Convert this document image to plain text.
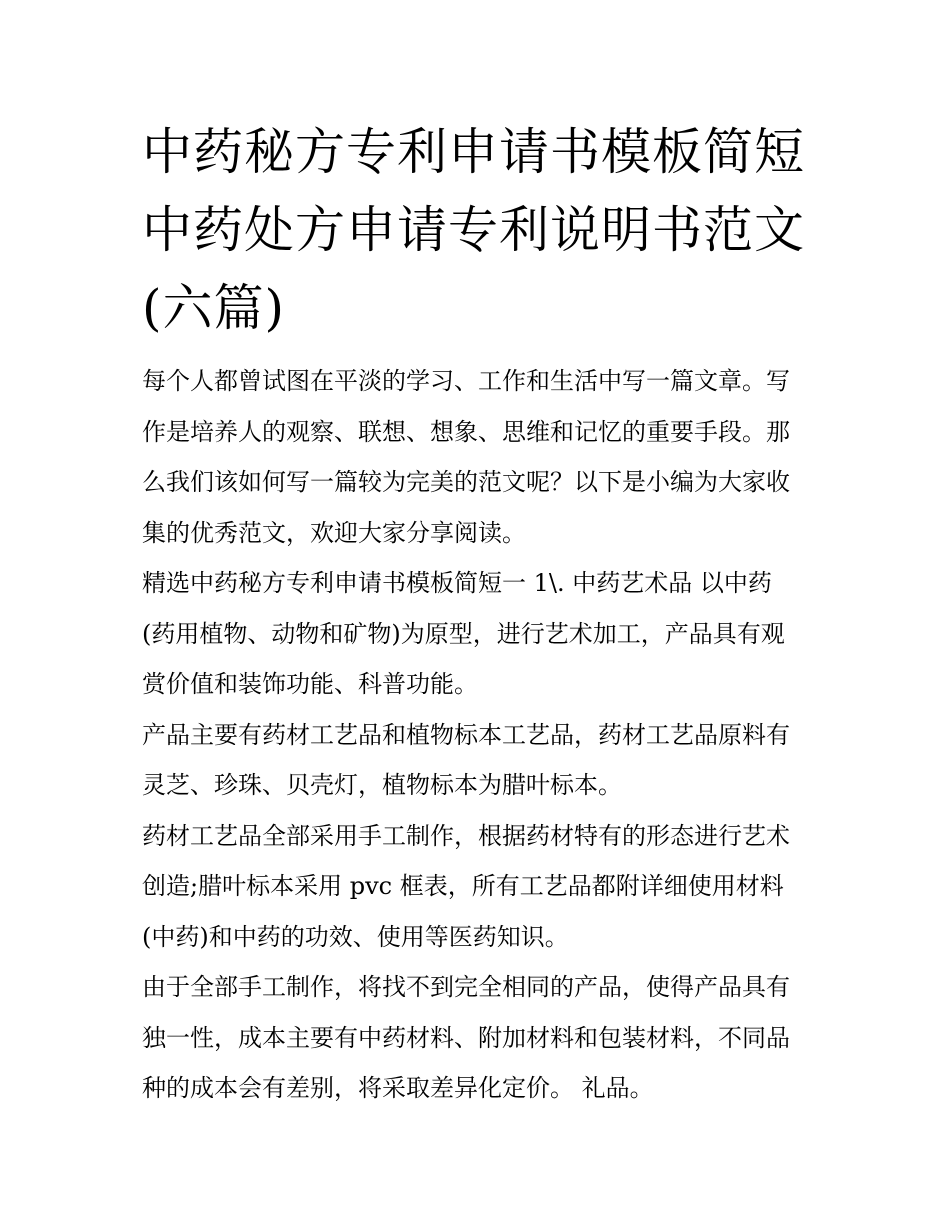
中药秘方专利申请书模板简短
中药处方申请专利说明书范文
(六篇)

每个人都曾试图在平淡的学习、工作和生活中写一篇文章。写
作是培养人的观察、联想、想象、思维和记忆的重要手段。那
么我们该如何写一篇较为完美的范文呢？以下是小编为大家收
集的优秀范文，欢迎大家分享阅读。

精选中药秘方专利申请书模板简短一 1\. 中药艺术品 以中药
(药用植物、动物和矿物)为原型，进行艺术加工，产品具有观
赏价值和装饰功能、科普功能。

产品主要有药材工艺品和植物标本工艺品，药材工艺品原料有
灵芝、珍珠、贝壳灯，植物标本为腊叶标本。

药材工艺品全部采用手工制作，根据药材特有的形态进行艺术
创造;腊叶标本采用 pvc 框表，所有工艺品都附详细使用材料
(中药)和中药的功效、使用等医药知识。

由于全部手工制作，将找不到完全相同的产品，使得产品具有
独一性，成本主要有中药材料、附加材料和包装材料，不同品
种的成本会有差别，将采取差异化定价。 礼品。
